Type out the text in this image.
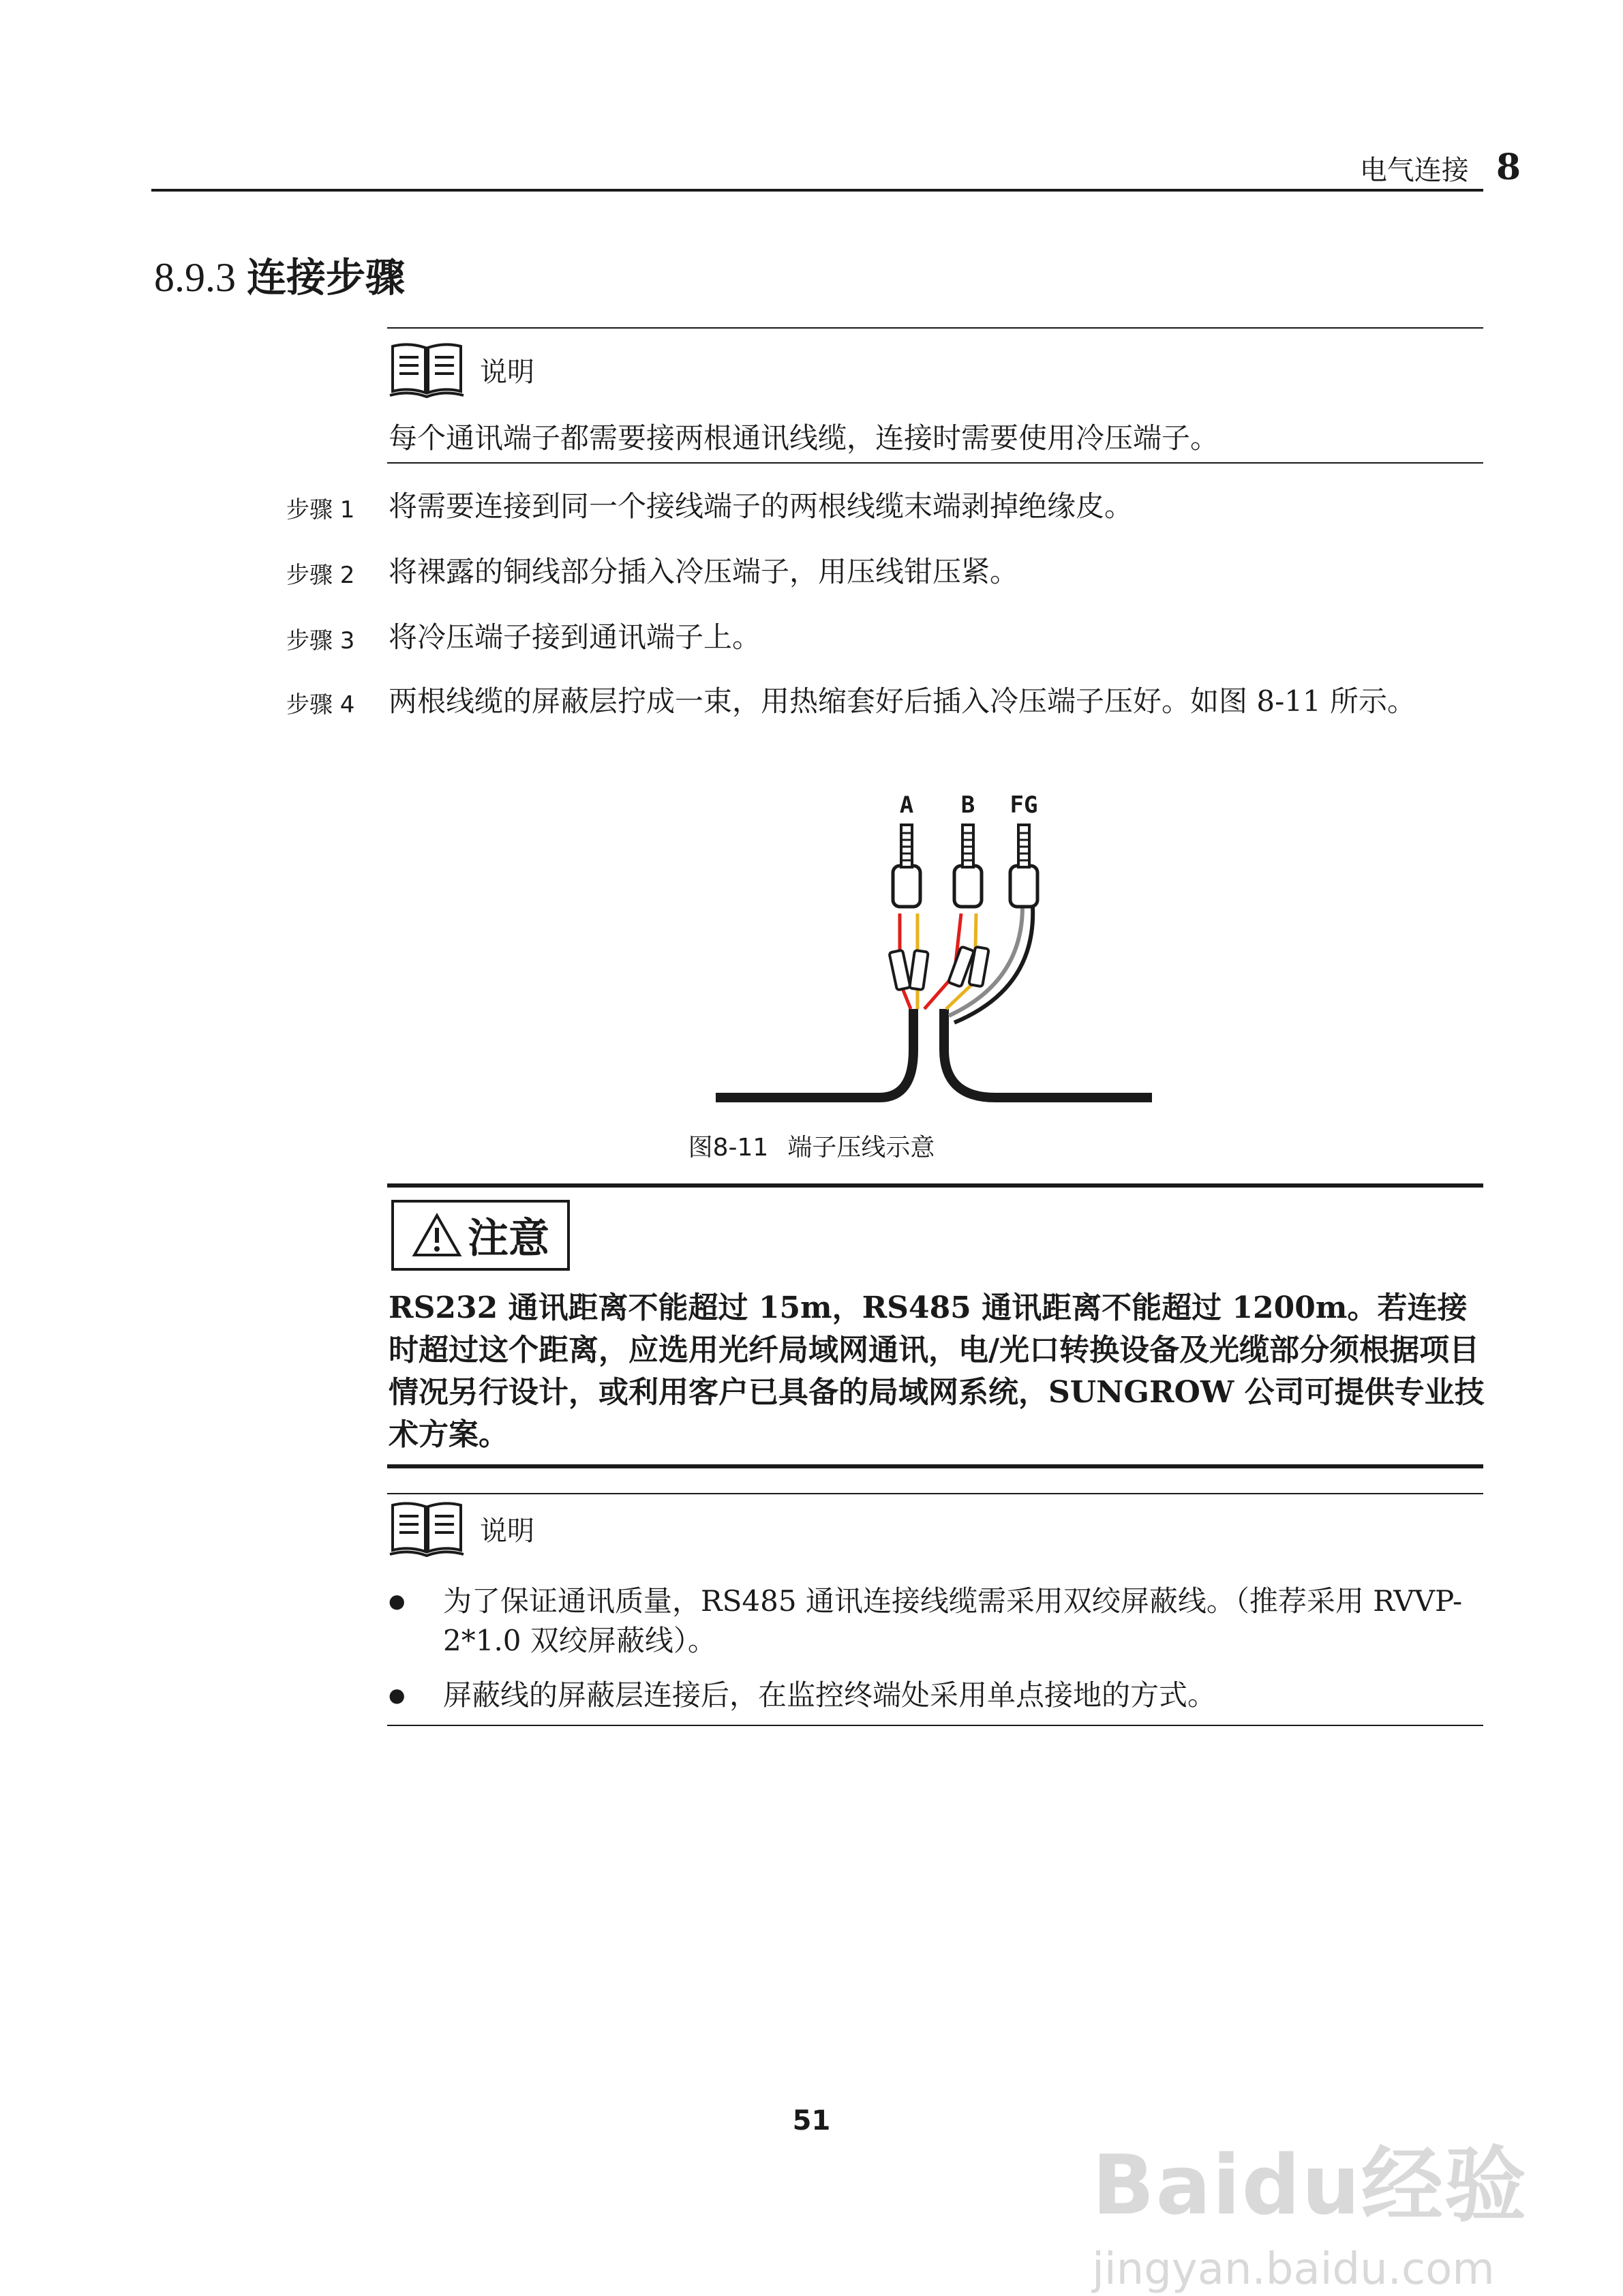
电气连接 8
8.9.3 连接步骤
说明
每个通讯端子都需要接两根通讯线缆，连接时需要使用冷压端子。
步骤 1	将需要连接到同一个接线端子的两根线缆末端剥掉绝缘皮。
步骤 2	将裸露的铜线部分插入冷压端子，用压线钳压紧。
步骤 3	将冷压端子接到通讯端子上。
步骤 4	两根线缆的屏蔽层拧成一束，用热缩套好后插入冷压端子压好。如图 8-11 所示。
A B FG
图8-11 端子压线示意
注意
RS232 通讯距离不能超过 15m，RS485 通讯距离不能超过 1200m。若连接时超过这个距离，应选用光纤局域网通讯，电/光口转换设备及光缆部分须根据项目情况另行设计，或利用客户已具备的局域网系统，SUNGROW 公司可提供专业技术方案。
说明
● 为了保证通讯质量，RS485 通讯连接线缆需采用双绞屏蔽线。（推荐采用 RVVP-2*1.0 双绞屏蔽线）。
● 屏蔽线的屏蔽层连接后，在监控终端处采用单点接地的方式。
51
Baidu经验
jingyan.baidu.com
